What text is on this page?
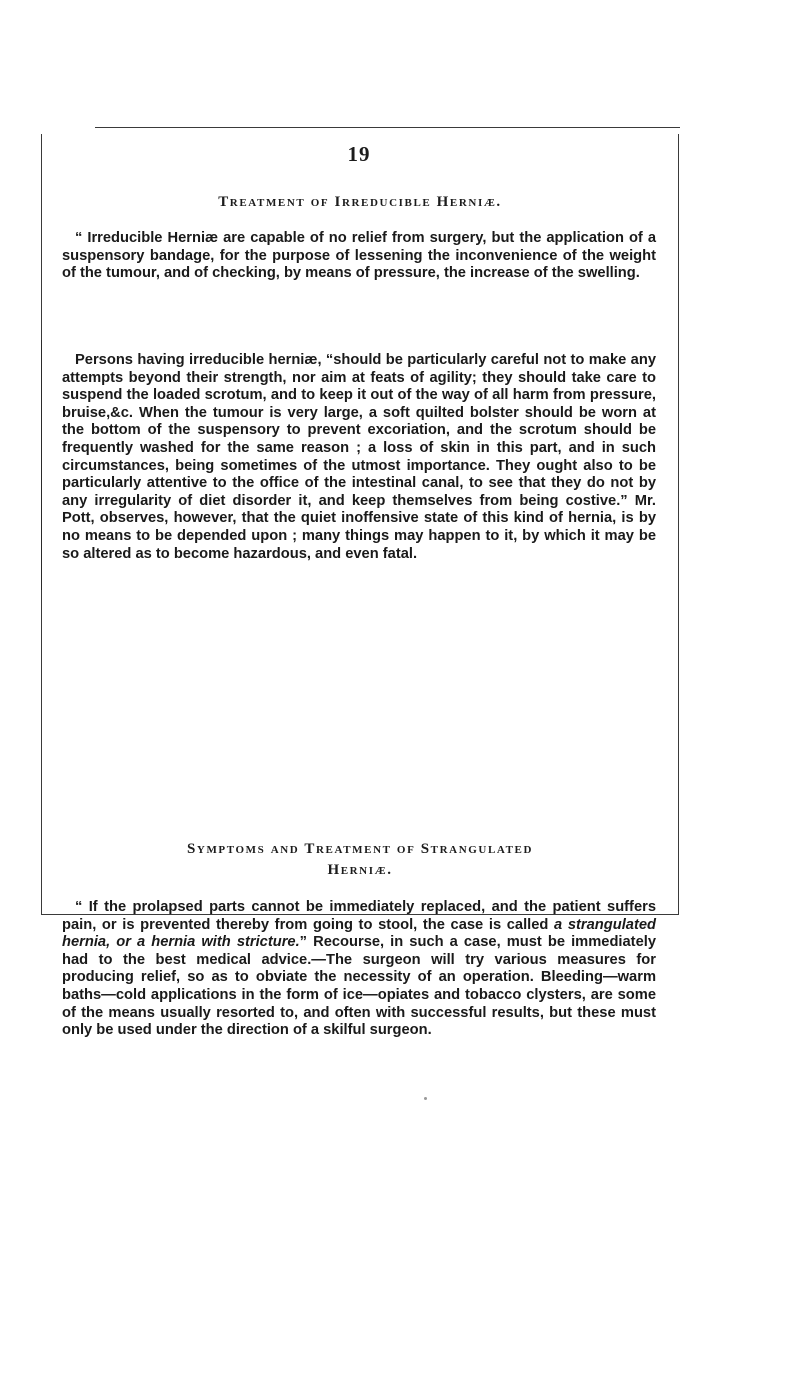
19
Treatment of Irreducible Herniæ.
“ Irreducible Herniæ are capable of no relief from surgery, but the application of a suspensory bandage, for the purpose of lessening the inconvenience of the weight of the tumour, and of checking, by means of pressure, the increase of the swelling.
Persons having irreducible herniæ, “should be particularly careful not to make any attempts beyond their strength, nor aim at feats of agility; they should take care to suspend the loaded scrotum, and to keep it out of the way of all harm from pressure, bruise,&c. When the tumour is very large, a soft quilted bolster should be worn at the bottom of the suspensory to prevent excoriation, and the scrotum should be frequently washed for the same reason ; a loss of skin in this part, and in such circumstances, being sometimes of the utmost importance. They ought also to be particularly attentive to the office of the intestinal canal, to see that they do not by any irregularity of diet disorder it, and keep themselves from being costive.” Mr. Pott, observes, however, that the quiet inoffensive state of this kind of hernia, is by no means to be depended upon ; many things may happen to it, by which it may be so altered as to become hazardous, and even fatal.
Symptoms and Treatment of Strangulated
Herniæ.
“ If the prolapsed parts cannot be immediately replaced, and the patient suffers pain, or is prevented thereby from going to stool, the case is called a strangulated hernia, or a hernia with stricture.” Recourse, in such a case, must be immediately had to the best medical advice.—The surgeon will try various measures for producing relief, so as to obviate the necessity of an operation. Bleeding—warm baths—cold applications in the form of ice—opiates and tobacco clysters, are some of the means usually resorted to, and often with successful results, but these must only be used under the direction of a skilful surgeon.
